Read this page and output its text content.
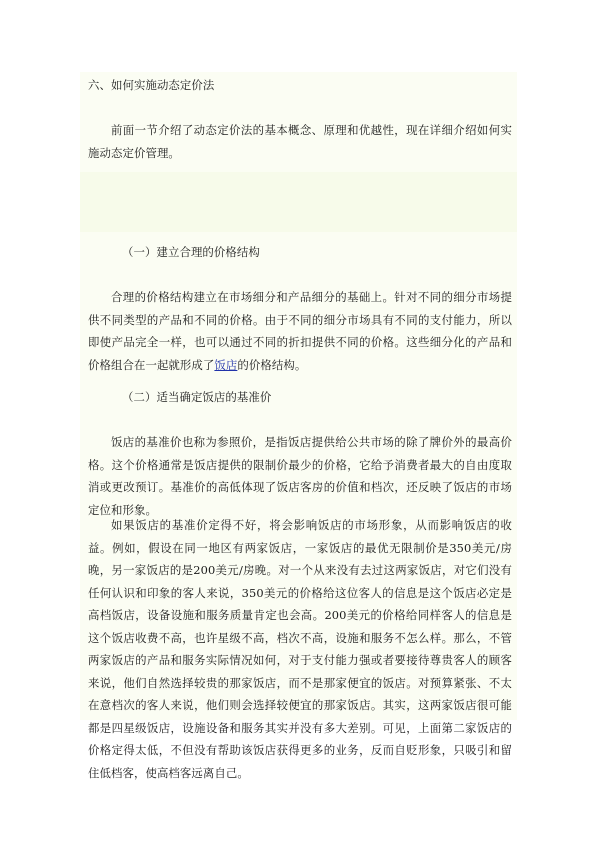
六、如何实施动态定价法

前面一节介绍了动态定价法的基本概念、原理和优越性，现在详细介绍如何实施动态定价管理。

（一）建立合理的价格结构

合理的价格结构建立在市场细分和产品细分的基础上。针对不同的细分市场提供不同类型的产品和不同的价格。由于不同的细分市场具有不同的支付能力，所以即使产品完全一样，也可以通过不同的折扣提供不同的价格。这些细分化的产品和价格组合在一起就形成了饭店的价格结构。

（二）适当确定饭店的基准价

饭店的基准价也称为参照价，是指饭店提供给公共市场的除了牌价外的最高价格。这个价格通常是饭店提供的限制价最少的价格，它给予消费者最大的自由度取消或更改预订。基准价的高低体现了饭店客房的价值和档次，还反映了饭店的市场定位和形象。

如果饭店的基准价定得不好，将会影响饭店的市场形象，从而影响饭店的收益。例如，假设在同一地区有两家饭店，一家饭店的最优无限制价是350美元/房晚，另一家饭店的是200美元/房晚。对一个从来没有去过这两家饭店，对它们没有任何认识和印象的客人来说，350美元的价格给这位客人的信息是这个饭店必定是高档饭店，设备设施和服务质量肯定也会高。200美元的价格给同样客人的信息是这个饭店收费不高，也许星级不高，档次不高，设施和服务不怎么样。那么，不管两家饭店的产品和服务实际情况如何，对于支付能力强或者要接待尊贵客人的顾客来说，他们自然选择较贵的那家饭店，而不是那家便宜的饭店。对预算紧张、不太在意档次的客人来说，他们则会选择较便宜的那家饭店。其实，这两家饭店很可能都是四星级饭店，设施设备和服务其实并没有多大差别。可见，上面第二家饭店的价格定得太低，不但没有帮助该饭店获得更多的业务，反而自贬形象，只吸引和留住低档客，使高档客远离自己。
